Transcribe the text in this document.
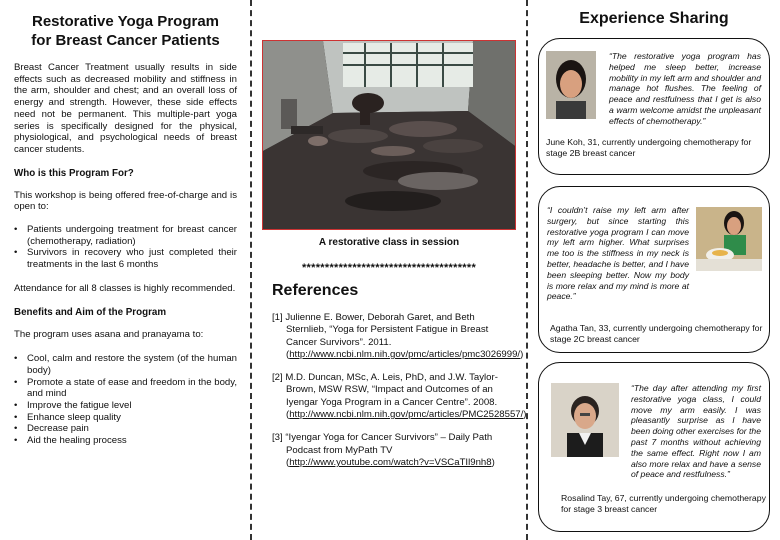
Restorative Yoga Program
for Breast Cancer Patients
Breast Cancer Treatment usually results in side effects such as decreased mobility and stiffness in the arm, shoulder and chest; and an overall loss of energy and strength. However, these side effects need not be permanent. This multiple-part yoga series is specifically designed for the physical, physiological, and psychological needs of breast cancer students.
Who is this Program For?
This workshop is being offered free-of-charge and is open to:
• Patients undergoing treatment for breast cancer (chemotherapy, radiation)
• Survivors in recovery who just completed their treatments in the last 6 months
Attendance for all 8 classes is highly recommended.
Benefits and Aim of the Program
The program uses asana and pranayama to:
• Cool, calm and restore the system (of the human body)
• Promote a state of ease and freedom in the body, and mind
• Improve the fatigue level
• Enhance sleep quality
• Decrease pain
• Aid the healing process
A restorative class in session
**************************************
References
[1] Julienne E. Bower, Deborah Garet, and Beth Sternlieb, “Yoga for Persistent Fatigue in Breast Cancer Survivors”. 2011. (http://www.ncbi.nlm.nih.gov/pmc/articles/pmc3026999/)
[2] M.D. Duncan, MSc, A. Leis, PhD, and J.W. Taylor-Brown, MSW RSW, “Impact and Outcomes of an Iyengar Yoga Program in a Cancer Centre”. 2008. (http://www.ncbi.nlm.nih.gov/pmc/articles/PMC2528557/)
[3] “Iyengar Yoga for Cancer Survivors” – Daily Path Podcast from MyPath TV (http://www.youtube.com/watch?v=VSCaTIl9nh8)
Experience Sharing
“The restorative yoga program has helped me sleep better, increase mobility in my left arm and shoulder and manage hot flushes. The feeling of peace and restfulness that I get is also a warm welcome amidst the unpleasant effects of chemotherapy.”
June Koh, 31, currently undergoing chemotherapy for stage 2B breast cancer
“I couldn’t raise my left arm after surgery, but since starting this restorative yoga program I can move my left arm higher. What surprises me too is the stiffness in my neck is better, headache is better, and I have been sleeping better. Now my body is more relax and my mind is more at peace.”
Agatha Tan, 33, currently undergoing chemotherapy for stage 2C breast cancer
“The day after attending my first restorative yoga class, I could move my arm easily. I was pleasantly surprise as I have been doing other exercises for the past 7 months without achieving the same effect. Right now I am also more relax and have a sense of peace and restfulness.”
Rosalind Tay, 67, currently undergoing chemotherapy for stage 3 breast cancer
